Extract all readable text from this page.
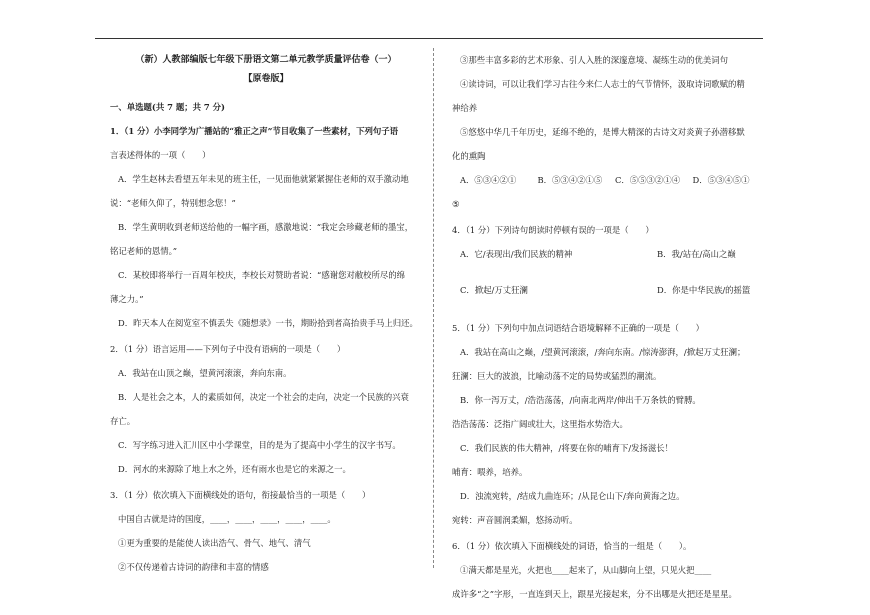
（新）人教部编版七年级下册语文第二单元教学质量评估卷（一）
【原卷版】
一、单选题(共 7 题；共 7 分)
1．（1 分）小李同学为广播站的“雅正之声”节目收集了一些素材，下列句子语
言表述得体的一项（　　）
A．学生赵林去看望五年未见的班主任，一见面他就紧紧握住老师的双手激动地
说：“老师久仰了，特别想念您！”
B．学生黄明收到老师送给他的一幅字画，感激地说：“我定会珍藏老师的墨宝，
铭记老师的恩情。”
C．某校即将举行一百周年校庆，李校长对赞助者说：“感谢您对敝校所尽的绵
薄之力。”
D．昨天本人在阅览室不慎丢失《随想录》一书，期盼拾到者高抬贵手马上归还。
2．（1 分）语言运用——下列句子中没有语病的一项是（　　）
A．我站在山顶之巅，望黄河滚滚，奔向东南。
B．人是社会之本，人的素质如何，决定一个社会的走向，决定一个民族的兴衰
存亡。
C．写字练习进入汇川区中小学课堂，目的是为了提高中小学生的汉字书写。
D．河水的来源除了地上水之外，还有雨水也是它的来源之一。
3．（1 分）依次填入下面横线处的语句，衔接最恰当的一项是（　　）
中国自古就是诗的国度，____，____，____，____，____。
①更为重要的是能使人读出浩气、骨气、地气、清气
②不仅传递着古诗词的韵律和丰富的情感
③那些丰富多彩的艺术形象、引人入胜的深邃意境、凝练生动的优美词句
④读诗词，可以让我们学习古往今来仁人志士的气节情怀，汲取诗词歌赋的精
神给养
⑤悠悠中华几千年历史，延绵不绝的，是博大精深的古诗文对炎黄子孙潜移默
化的熏陶
A．⑤③④②①	B．⑤③④②①⑤	C．⑤⑤③②①④	D．⑤③④⑤①
⑤
4．（1 分）下列诗句朗读时停顿有误的一项是（　　）
A．它/表现出/我们民族的精神	B．我/站在/高山之巅
C．掀起/万丈狂澜	D．你是中华民族/的摇篮
5．（1 分）下列句中加点词语结合语境解释不正确的一项是（　　）
A．我站在高山之巅，/望黄河滚滚，/奔向东南。/惊涛澎湃，/掀起万丈狂澜；
狂澜：巨大的波浪，比喻动荡不定的局势或猛烈的潮流。
B．你一泻万丈，/浩浩荡荡，/向南北两岸/伸出千万条铁的臂膊。
浩浩荡荡：泛指广阔或壮大，这里指水势浩大。
C．我们民族的伟大精神，/将要在你的哺育下/发扬滋长！
哺育：喂养，培养。
D．浊流宛转，/结成九曲连环；/从昆仑山下/奔向黄海之边。
宛转：声音圆润柔媚，悠扬动听。
6．（1 分）依次填入下面横线处的词语，恰当的一组是（　　）。
①满天都是星光，火把也____起来了，从山脚向上望，只见火把____
成许多“之”字形，一直连到天上，跟星光接起来，分不出哪是火把还是星星。
